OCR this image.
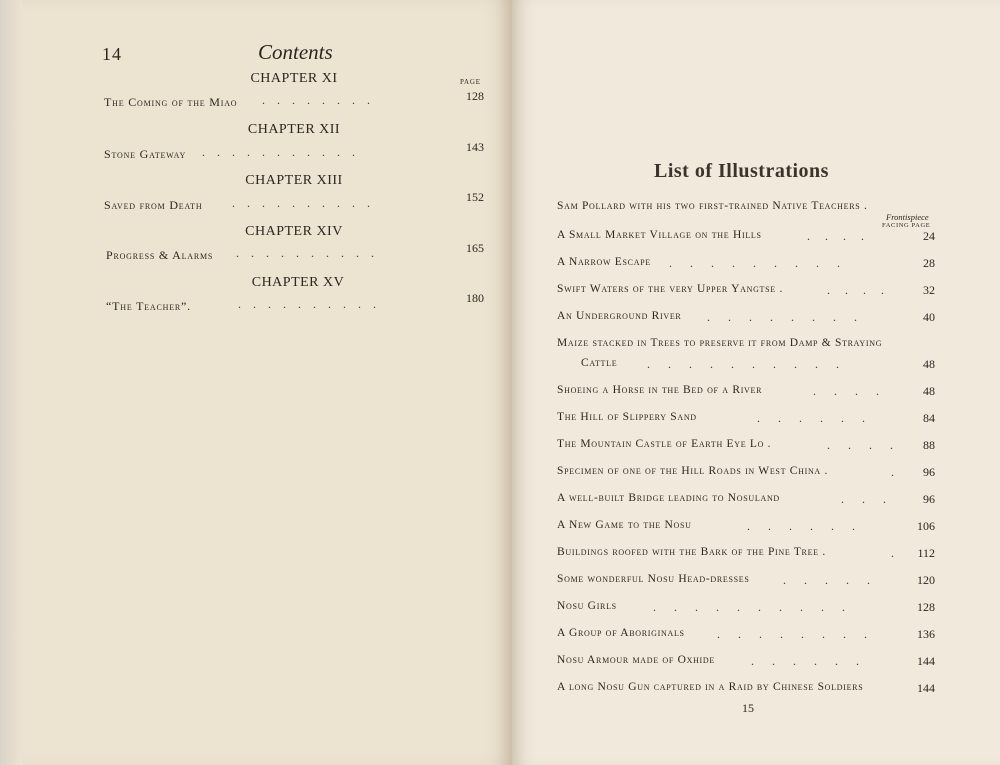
14	Contents
PAGE
CHAPTER XI
The Coming of the Miao .    .    .    .    .    .    .    .	128
CHAPTER XII
Stone Gateway .    .    .    .    .    .    .    .    .    .    .	143
CHAPTER XIII
Saved from Death .    .    .    .    .    .    .    .    .    .	152
CHAPTER XIV
Progress & Alarms .    .    .    .    .    .    .    .    .    .	165
CHAPTER XV
“The Teacher”.	.    .    .    .    .    .    .    .    .    .	180
List of Illustrations
Sam Pollard with his two first-trained Native Teachers .
Frontispiece
FACING PAGE
A Small Market Village on the Hills	.     .     .     .	24
A Narrow Escape .      .      .      .      .      .      .      .      .	28
Swift Waters of the very Upper Yangtse .	.     .     .     .	32
An Underground River .      .      .      .      .      .      .      .	40
Maize stacked in Trees to preserve it from Damp & Straying
Cattle .      .      .      .      .      .      .      .      .      .	48
Shoeing a Horse in the Bed of a River	.      .      .      .	48
The Hill of Slippery Sand	.      .      .      .      .      .	84
The Mountain Castle of Earth Eye Lo .	.      .      .      .	88
Specimen of one of the Hill Roads in West China .	. 96
A well-built Bridge leading to Nosuland	.      .      .	96
A New Game to the Nosu	.      .      .      .      .      .	106
Buildings roofed with the Bark of the Pine Tree .	. 112
Some wonderful Nosu Head-dresses	.      .      .      .      .	120
Nosu Girls	.      .      .      .      .      .      .      .      .      .	128
A Group of Aboriginals	.      .      .      .      .      .      .      .	136
Nosu Armour made of Oxhide	.      .      .      .      .      .	144
A long Nosu Gun captured in a Raid by Chinese Soldiers	144
15
